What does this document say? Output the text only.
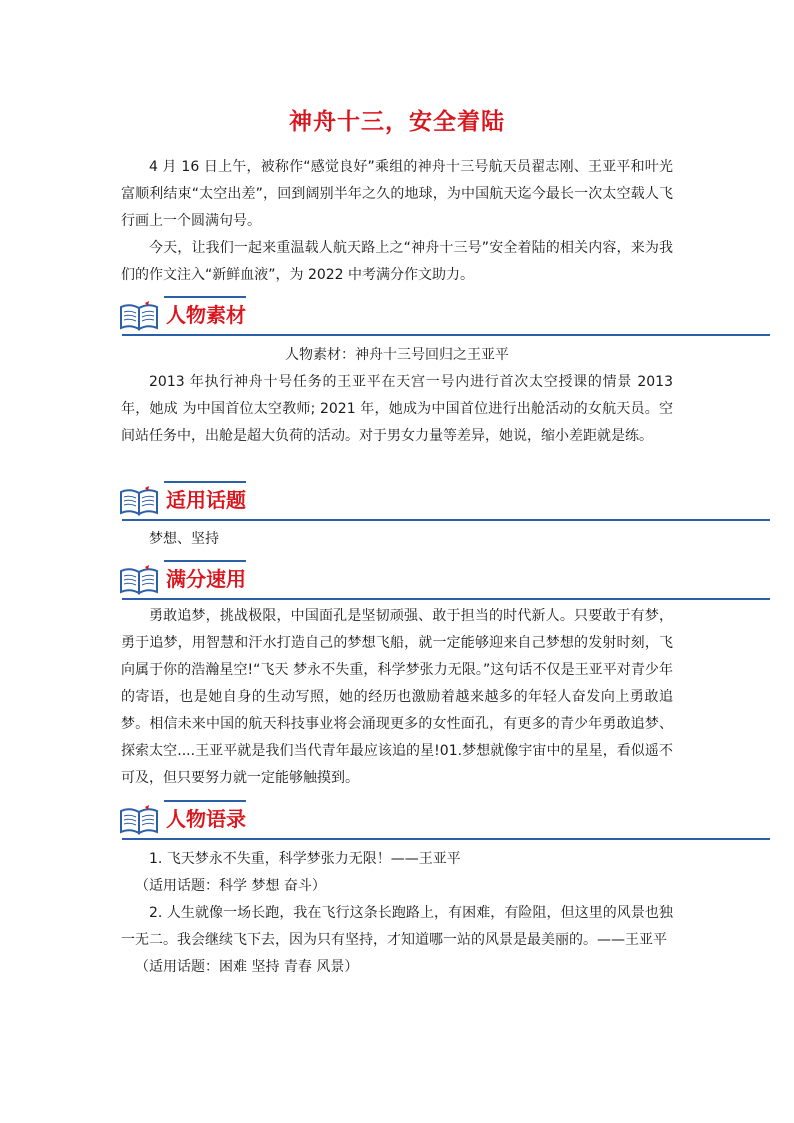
神舟十三，安全着陆

4 月 16 日上午，被称作“感觉良好”乘组的神舟十三号航天员翟志刚、王亚平和叶光富顺利结束“太空出差”，回到阔别半年之久的地球，为中国航天迄今最长一次太空载人飞行画上一个圆满句号。

今天，让我们一起来重温载人航天路上之“神舟十三号”安全着陆的相关内容，来为我们的作文注入“新鲜血液”，为 2022 中考满分作文助力。

人物素材

人物素材：神舟十三号回归之王亚平

2013 年执行神舟十号任务的王亚平在天宫一号内进行首次太空授课的情景 2013 年，她成 为中国首位太空教师; 2021 年，她成为中国首位进行出舱活动的女航天员。空间站任务中，出舱是超大负荷的活动。对于男女力量等差异，她说，缩小差距就是练。

适用话题

梦想、坚持

满分速用

勇敢追梦，挑战极限，中国面孔是坚韧顽强、敢于担当的时代新人。只要敢于有梦，勇于追梦，用智慧和汗水打造自己的梦想飞船，就一定能够迎来自己梦想的发射时刻，飞向属于你的浩瀚星空!“飞天 梦永不失重，科学梦张力无限。”这句话不仅是王亚平对青少年的寄语，也是她自身的生动写照，她的经历也激励着越来越多的年轻人奋发向上勇敢追梦。相信未来中国的航天科技事业将会涌现更多的女性面孔，有更多的青少年勇敢追梦、探索太空....王亚平就是我们当代青年最应该追的星!01.梦想就像宇宙中的星星，看似遥不可及，但只要努力就一定能够触摸到。

人物语录

1. 飞天梦永不失重，科学梦张力无限！——王亚平

（适用话题：科学 梦想 奋斗）

2. 人生就像一场长跑，我在飞行这条长跑路上，有困难，有险阻，但这里的风景也独一无二。我会继续飞下去，因为只有坚持，才知道哪一站的风景是最美丽的。——王亚平

（适用话题：困难 坚持 青春 风景）
